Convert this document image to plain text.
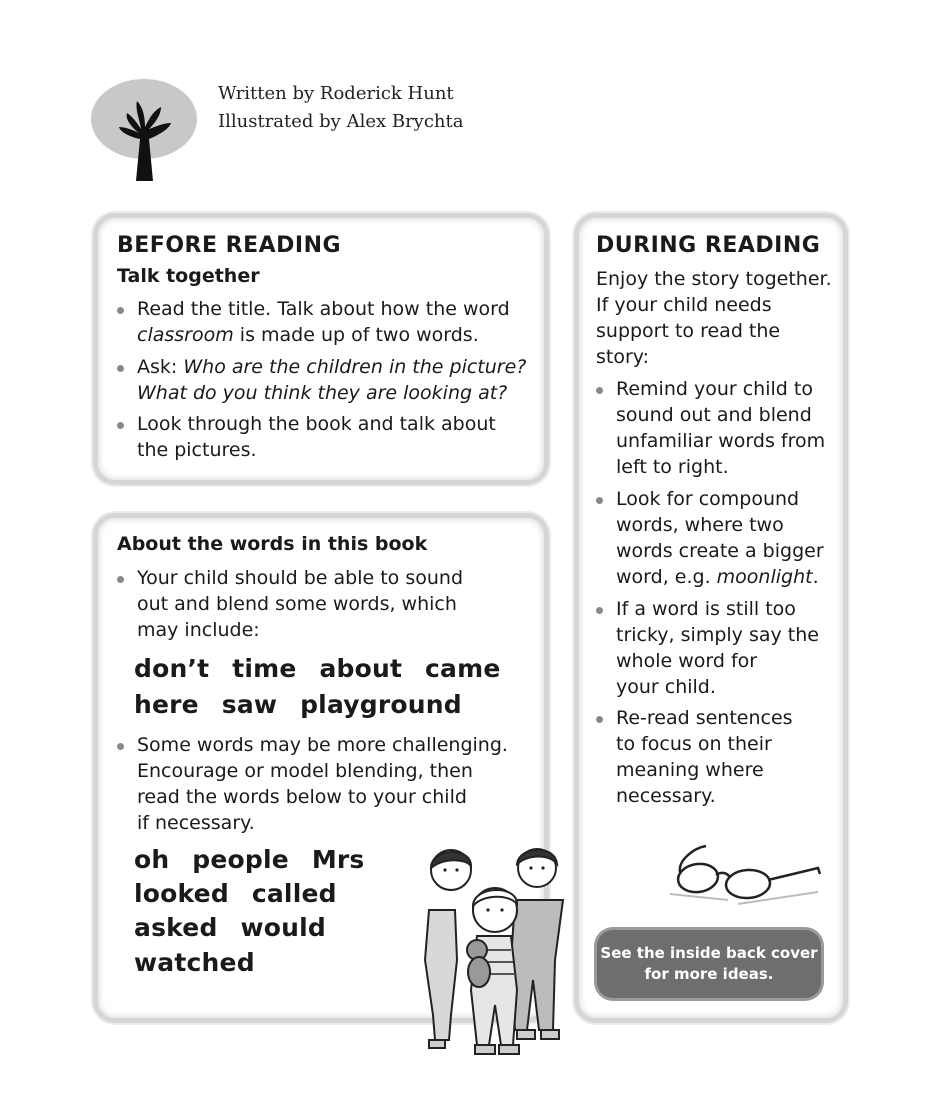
Written by Roderick Hunt
Illustrated by Alex Brychta
BEFORE READING
Talk together
Read the title. Talk about how the word
classroom is made up of two words.
Ask: Who are the children in the picture?
What do you think they are looking at?
Look through the book and talk about
the pictures.
About the words in this book
Your child should be able to sound
out and blend some words, which
may include:
don’t time about came
here saw playground
Some words may be more challenging.
Encourage or model blending, then
read the words below to your child
if necessary.
oh people Mrs
looked called
asked would
watched
DURING READING
Enjoy the story together.
If your child needs
support to read the
story:
Remind your child to
sound out and blend
unfamiliar words from
left to right.
Look for compound
words, where two
words create a bigger
word, e.g. moonlight.
If a word is still too
tricky, simply say the
whole word for
your child.
Re-read sentences
to focus on their
meaning where
necessary.
See the inside back cover
for more ideas.
